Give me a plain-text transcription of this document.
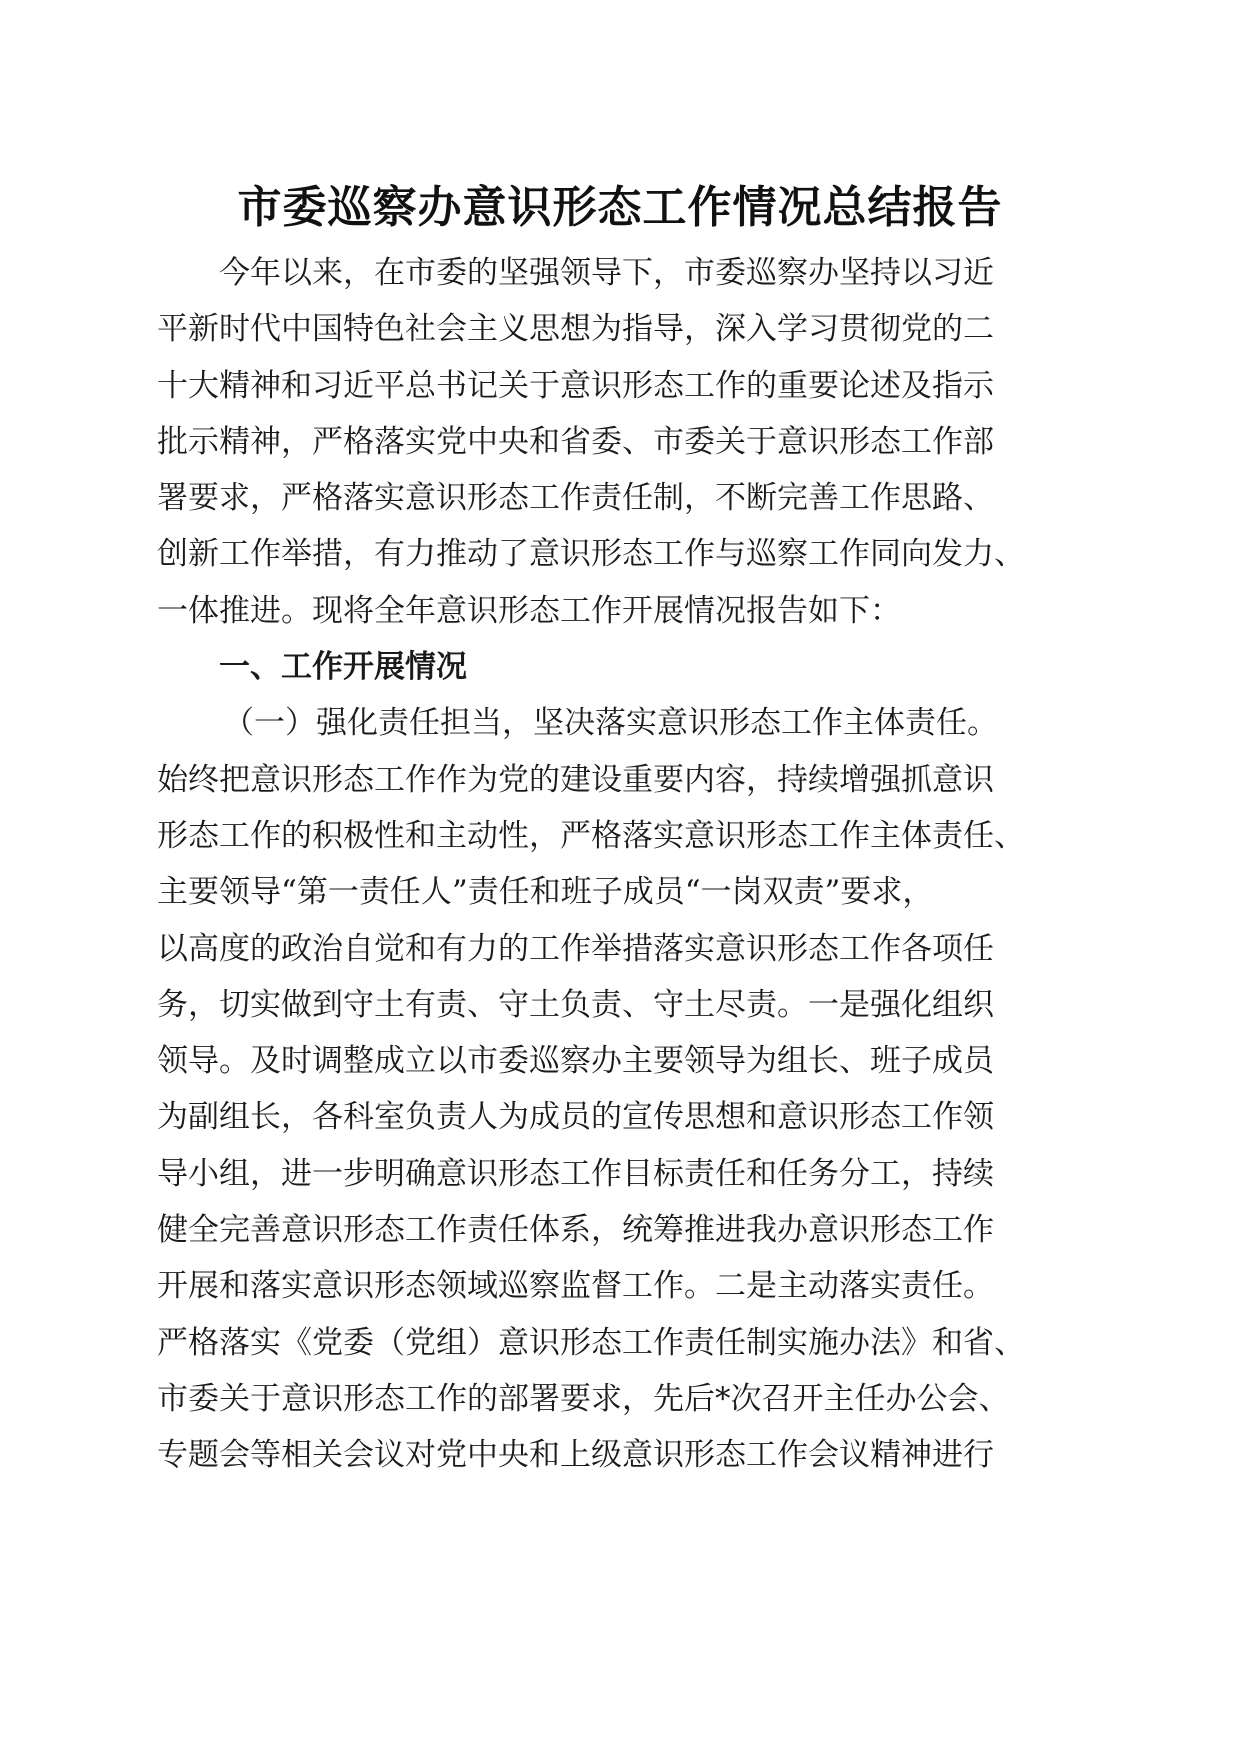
市委巡察办意识形态工作情况总结报告
今年以来，在市委的坚强领导下，市委巡察办坚持以习近
平新时代中国特色社会主义思想为指导，深入学习贯彻党的二
十大精神和习近平总书记关于意识形态工作的重要论述及指示
批示精神，严格落实党中央和省委、市委关于意识形态工作部
署要求，严格落实意识形态工作责任制，不断完善工作思路、
创新工作举措，有力推动了意识形态工作与巡察工作同向发力、
一体推进。现将全年意识形态工作开展情况报告如下：
一、工作开展情况
（一）强化责任担当，坚决落实意识形态工作主体责任。
始终把意识形态工作作为党的建设重要内容，持续增强抓意识
形态工作的积极性和主动性，严格落实意识形态工作主体责任、
主要领导“第一责任人”责任和班子成员“一岗双责”要求，
以高度的政治自觉和有力的工作举措落实意识形态工作各项任
务，切实做到守土有责、守土负责、守土尽责。一是强化组织
领导。及时调整成立以市委巡察办主要领导为组长、班子成员
为副组长，各科室负责人为成员的宣传思想和意识形态工作领
导小组，进一步明确意识形态工作目标责任和任务分工，持续
健全完善意识形态工作责任体系，统筹推进我办意识形态工作
开展和落实意识形态领域巡察监督工作。二是主动落实责任。
严格落实《党委（党组）意识形态工作责任制实施办法》和省、
市委关于意识形态工作的部署要求，先后*次召开主任办公会、
专题会等相关会议对党中央和上级意识形态工作会议精神进行
